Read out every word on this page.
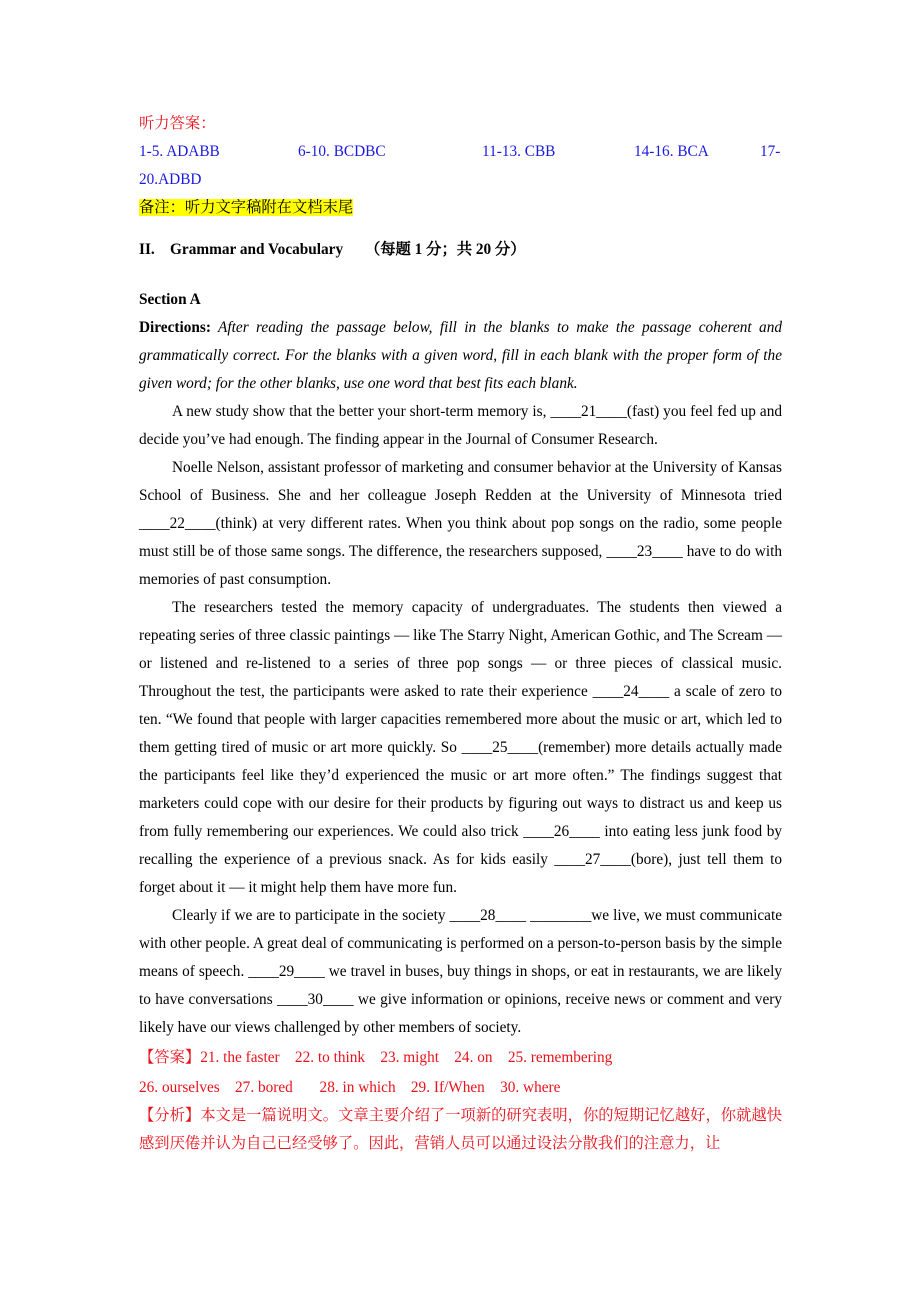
听力答案：
1-5. ADABB	6-10. BCDBC	11-13. CBB	14-16. BCA	17-
20.ADBD
备注：听力文字稿附在文档末尾
II.    Grammar and Vocabulary （每题 1 分；共 20 分）
Section A

Directions: After reading the passage below, fill in the blanks to make the passage coherent and grammatically correct. For the blanks with a given word, fill in each blank with the proper form of the given word; for the other blanks, use one word that best fits each blank.

A new study show that the better your short-term memory is, ____21____(fast) you feel fed up and decide you’ve had enough. The finding appear in the Journal of Consumer Research.

Noelle Nelson, assistant professor of marketing and consumer behavior at the University of Kansas School of Business. She and her colleague Joseph Redden at the University of Minnesota tried ____22____(think) at very different rates. When you think about pop songs on the radio, some people must still be of those same songs. The difference, the researchers supposed, ____23____ have to do with memories of past consumption.

The researchers tested the memory capacity of undergraduates. The students then viewed a repeating series of three classic paintings — like The Starry Night, American Gothic, and The Scream — or listened and re-listened to a series of three pop songs — or three pieces of classical music. Throughout the test, the participants were asked to rate their experience ____24____ a scale of zero to ten. “We found that people with larger capacities remembered more about the music or art, which led to them getting tired of music or art more quickly. So ____25____(remember) more details actually made the participants feel like they’d experienced the music or art more often.” The findings suggest that marketers could cope with our desire for their products by figuring out ways to distract us and keep us from fully remembering our experiences. We could also trick ____26____ into eating less junk food by recalling the experience of a previous snack. As for kids easily ____27____(bore), just tell them to forget about it — it might help them have more fun.

Clearly if we are to participate in the society ____28____ ________we live, we must communicate with other people. A great deal of communicating is performed on a person-to-person basis by the simple means of speech. ____29____ we travel in buses, buy things in shops, or eat in restaurants, we are likely to have conversations ____30____ we give information or opinions, receive news or comment and very likely have our views challenged by other members of society.

【答案】21. the faster    22. to think    23. might    24. on    25. remembering
26. ourselves    27. bored       28. in which    29. If/When    30. where

【分析】本文是一篇说明文。文章主要介绍了一项新的研究表明，你的短期记忆越好，你就越快感到厌倦并认为自己已经受够了。因此，营销人员可以通过设法分散我们的注意力，让
